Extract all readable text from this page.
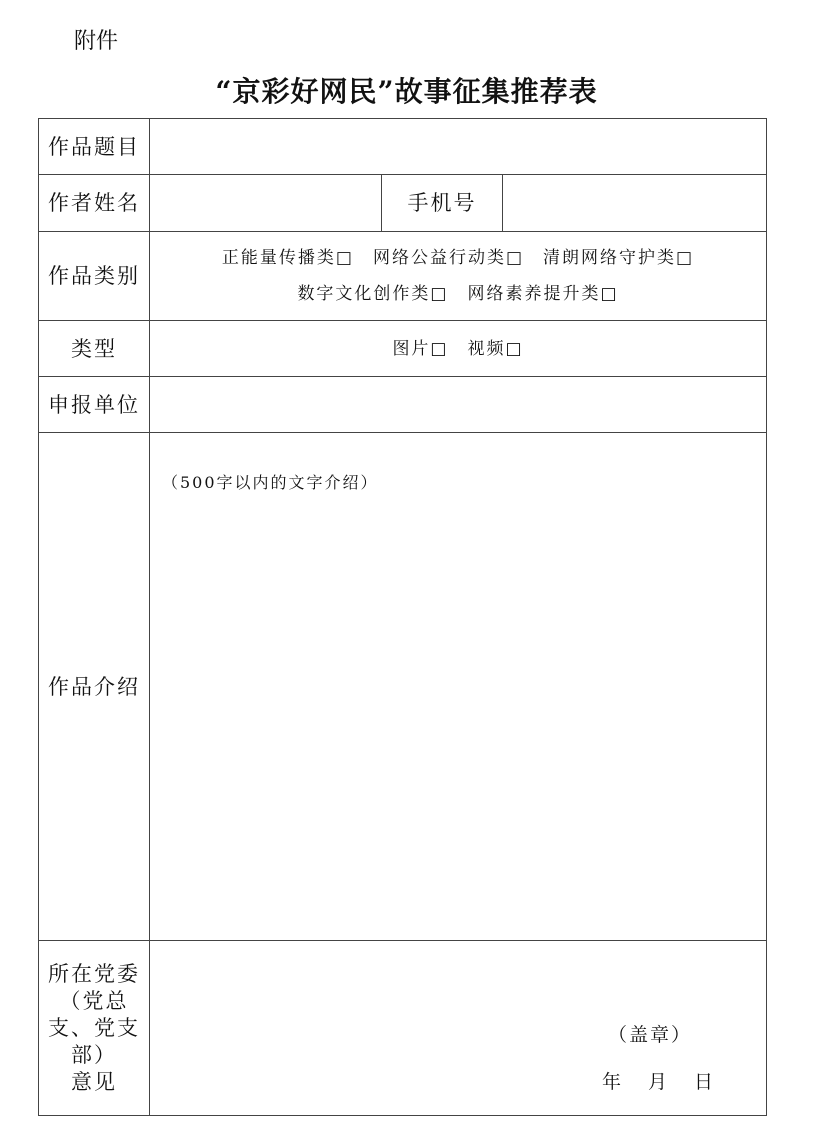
附件
“京彩好网民”故事征集推荐表
作品题目
作者姓名	手机号
作品类别
正能量传播类□　网络公益行动类□　清朗网络守护类□
数字文化创作类□　网络素养提升类□
类型	图片□　视频□
申报单位
作品介绍
（500字以内的文字介绍）
所在党委
（党总
支、党支
部）
意见
（盖章）
年　月　日
